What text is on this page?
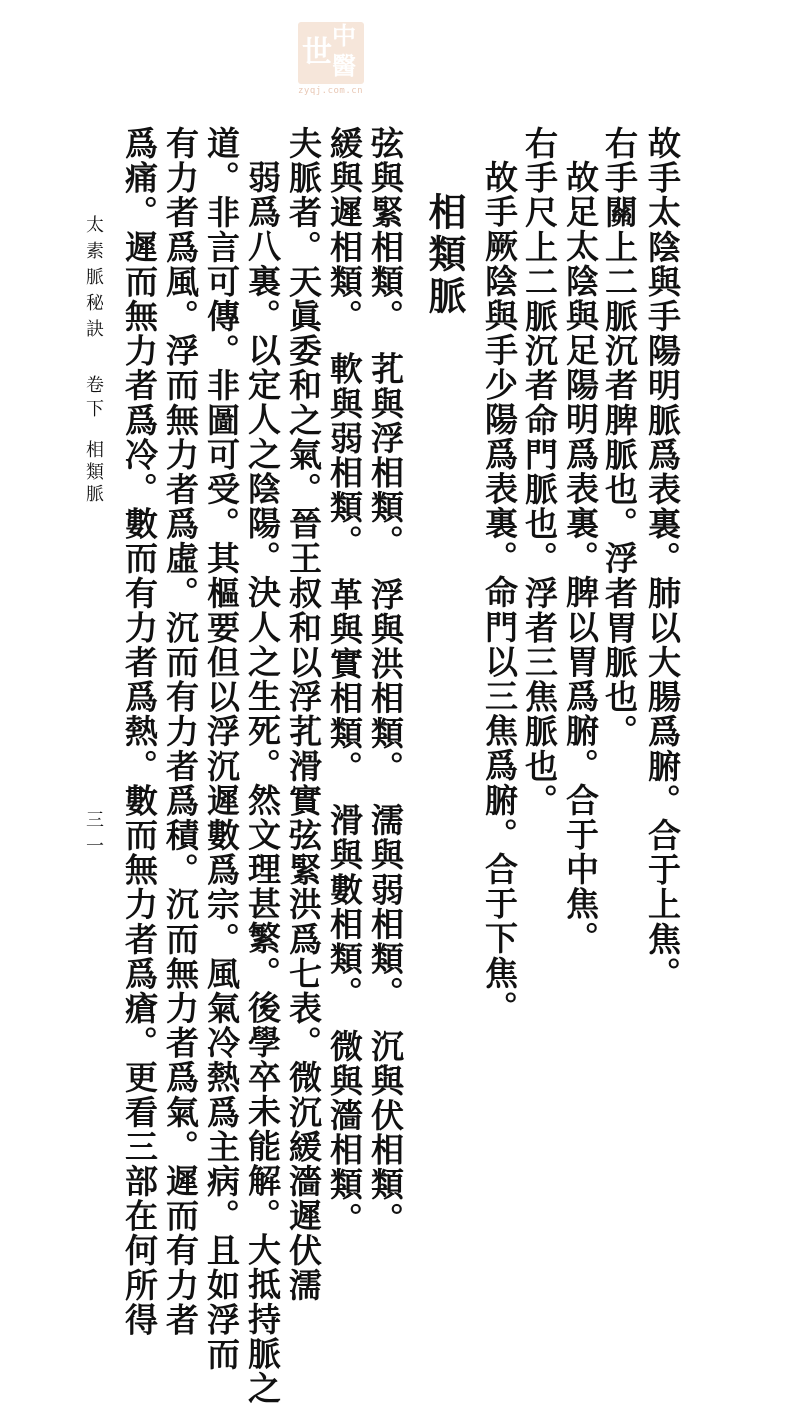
世 中
醫
zyqj.com.cn
故手太陰與手陽明脈爲表裏。肺以大腸爲腑。合于上焦。
右手關上二脈沉者脾脈也。浮者胃脈也。
故足太陰與足陽明爲表裏。脾以胃爲腑。合于中焦。
右手尺上二脈沉者命門脈也。浮者三焦脈也。
故手厥陰與手少陽爲表裏。命門以三焦爲腑。合于下焦。
相類脈
弦與緊相類。　芤與浮相類。　浮與洪相類。　濡與弱相類。　沉與伏相類。
緩與遲相類。　軟與弱相類。　革與實相類。　滑與數相類。　微與濇相類。
夫脈者。天眞委和之氣。晉王叔和以浮芤滑實弦緊洪爲七表。微沉緩濇遲伏濡
弱爲八裏。以定人之陰陽。決人之生死。然文理甚繁。後學卒未能解。大抵持脈之
道。非言可傳。非圖可受。其樞要但以浮沉遲數爲宗。風氣冷熱爲主病。且如浮而
有力者爲風。浮而無力者爲虛。沉而有力者爲積。沉而無力者爲氣。遲而有力者
爲痛。遲而無力者爲冷。數而有力者爲熱。數而無力者爲瘡。更看三部在何所得
太素脈秘訣
卷下
相類脈
三一
